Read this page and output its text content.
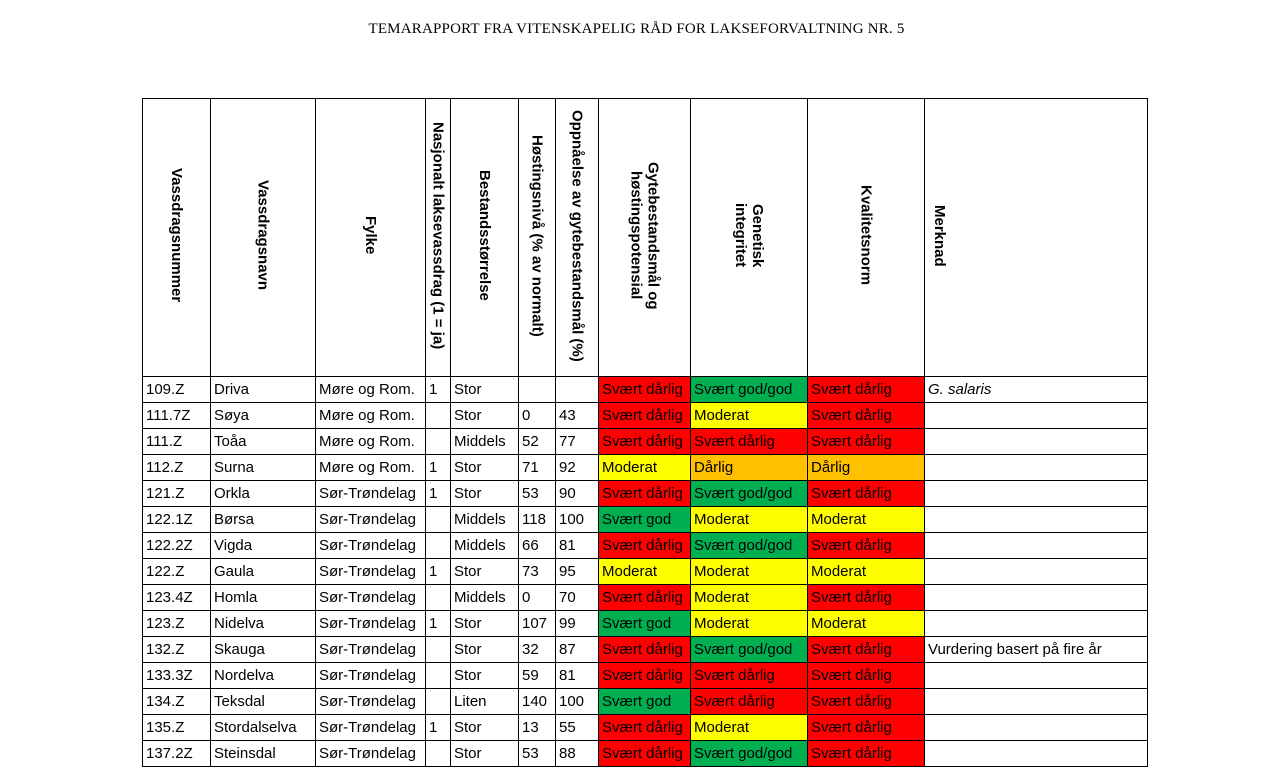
TEMARAPPORT FRA VITENSKAPELIG RÅD FOR LAKSEFORVALTNING NR. 5
Vassdragsnummer	Vassdragsnavn	Fylke	Nasjonalt laksevassdrag (1 = ja)	Bestandsstørrelse	Høstingsnivå (% av normalt)	Oppnåelse av gytebestandsmål (%)	Gytebestandsmål og høstingspotensial	Genetisk integritet	Kvalitetsnorm	Merknad
109.Z	Driva	Møre og Rom.	1	Stor			Svært dårlig	Svært god/god	Svært dårlig	G. salaris
111.7Z	Søya	Møre og Rom.		Stor	0	43	Svært dårlig	Moderat	Svært dårlig	
111.Z	Toåa	Møre og Rom.		Middels	52	77	Svært dårlig	Svært dårlig	Svært dårlig	
112.Z	Surna	Møre og Rom.	1	Stor	71	92	Moderat	Dårlig	Dårlig	
121.Z	Orkla	Sør-Trøndelag	1	Stor	53	90	Svært dårlig	Svært god/god	Svært dårlig	
122.1Z	Børsa	Sør-Trøndelag		Middels	118	100	Svært god	Moderat	Moderat	
122.2Z	Vigda	Sør-Trøndelag		Middels	66	81	Svært dårlig	Svært god/god	Svært dårlig	
122.Z	Gaula	Sør-Trøndelag	1	Stor	73	95	Moderat	Moderat	Moderat	
123.4Z	Homla	Sør-Trøndelag		Middels	0	70	Svært dårlig	Moderat	Svært dårlig	
123.Z	Nidelva	Sør-Trøndelag	1	Stor	107	99	Svært god	Moderat	Moderat	
132.Z	Skauga	Sør-Trøndelag		Stor	32	87	Svært dårlig	Svært god/god	Svært dårlig	Vurdering basert på fire år
133.3Z	Nordelva	Sør-Trøndelag		Stor	59	81	Svært dårlig	Svært dårlig	Svært dårlig	
134.Z	Teksdal	Sør-Trøndelag		Liten	140	100	Svært god	Svært dårlig	Svært dårlig	
135.Z	Stordalselva	Sør-Trøndelag	1	Stor	13	55	Svært dårlig	Moderat	Svært dårlig	
137.2Z	Steinsdal	Sør-Trøndelag		Stor	53	88	Svært dårlig	Svært god/god	Svært dårlig	
